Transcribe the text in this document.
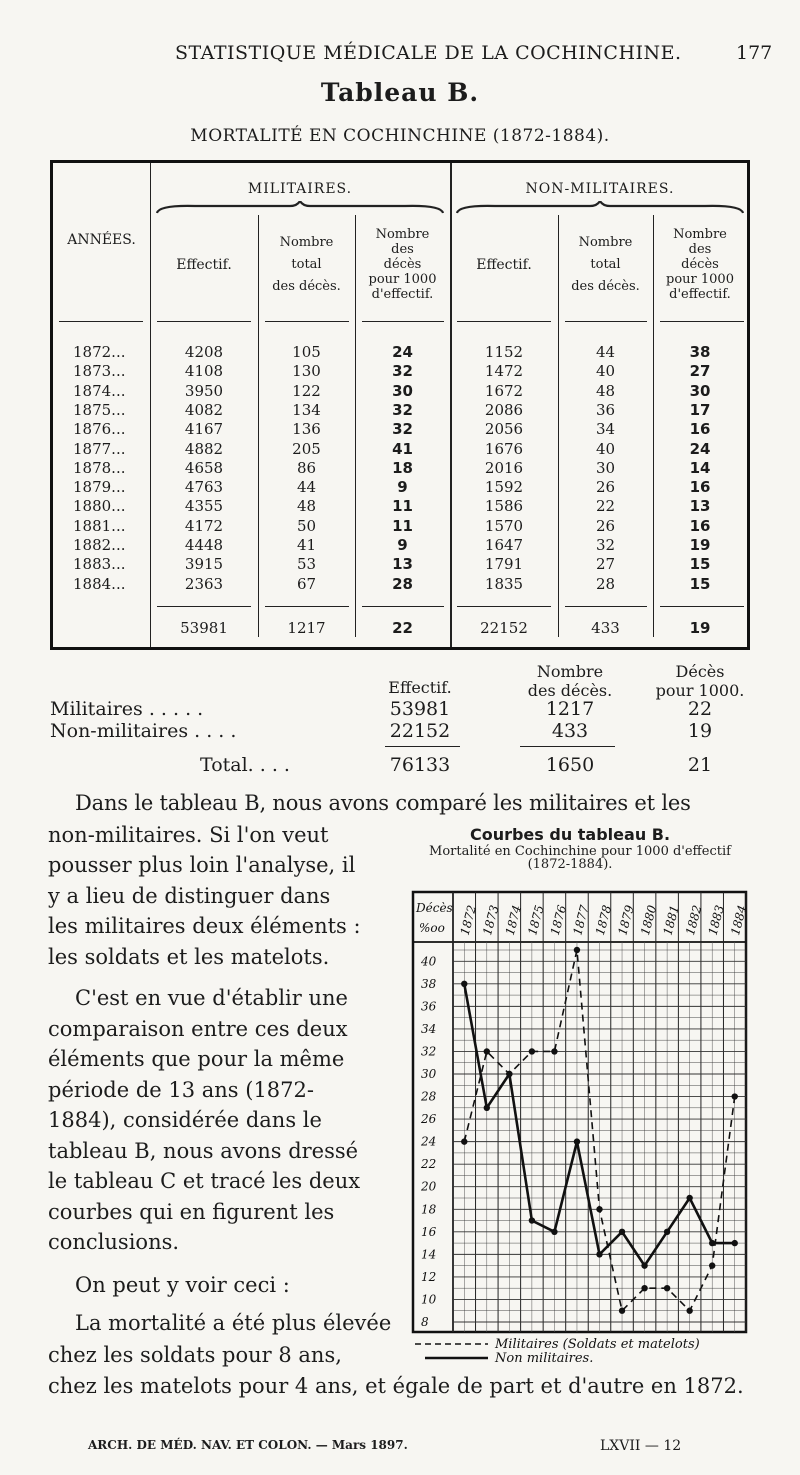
STATISTIQUE MÉDICALE DE LA COCHINCHINE.	177
Tableau B.
MORTALITÉ EN COCHINCHINE (1872-1884).
MILITAIRES.	NON-MILITAIRES.
ANNÉES.
Effectif.
Nombre
total
des décès.
Nombre
des
décès
pour 1000
d'effectif.
Effectif.
Nombre
total
des décès.
Nombre
des
décès
pour 1000
d'effectif.
1872...	4208	105	24	1152	44	38
1873...	4108	130	32	1472	40	27
1874...	3950	122	30	1672	48	30
1875...	4082	134	32	2086	36	17
1876...	4167	136	32	2056	34	16
1877...	4882	205	41	1676	40	24
1878...	4658	86	18	2016	30	14
1879...	4763	44	9	1592	26	16
1880...	4355	48	11	1586	22	13
1881...	4172	50	11	1570	26	16
1882...	4448	41	9	1647	32	19
1883...	3915	53	13	1791	27	15
1884...	2363	67	28	1835	28	15
53981	1217	22	22152	433	19
Effectif.
Nombre
des décès.
Décès
pour 1000.
Militaires . . . . .	53981	1217	22
Non-militaires . . . .	22152	433	19
Total. . . .	76133	1650	21
Dans le tableau B, nous avons comparé les militaires et les
non-militaires. Si l'on veut
pousser plus loin l'analyse, il
y a lieu de distinguer dans
les militaires deux éléments :
les soldats et les matelots.
C'est en vue d'établir une
comparaison entre ces deux
éléments que pour la même
période de 13 ans (1872-
1884), considérée dans le
tableau B, nous avons dressé
le tableau C et tracé les deux
courbes qui en figurent les
conclusions.
On peut y voir ceci :
La mortalité a été plus élevée
chez les soldats pour 8 ans,
chez les matelots pour 4 ans, et égale de part et d'autre en 1872.
Courbes du tableau B.
Mortalité en Cochinchine pour 1000 d'effectif
(1872-1884).
1872 1873 1874 1875 1876 1877 1878 1879 1880 1881 1882 1883 1884
Décès
%oo
40
38
36
34
32
30
28
26
24
22
20
18
16
14
12
10
8
Militaires (Soldats et matelots)
Non militaires.
ARCH. DE MÉD. NAV. ET COLON. — Mars 1897.	LXVII — 12
